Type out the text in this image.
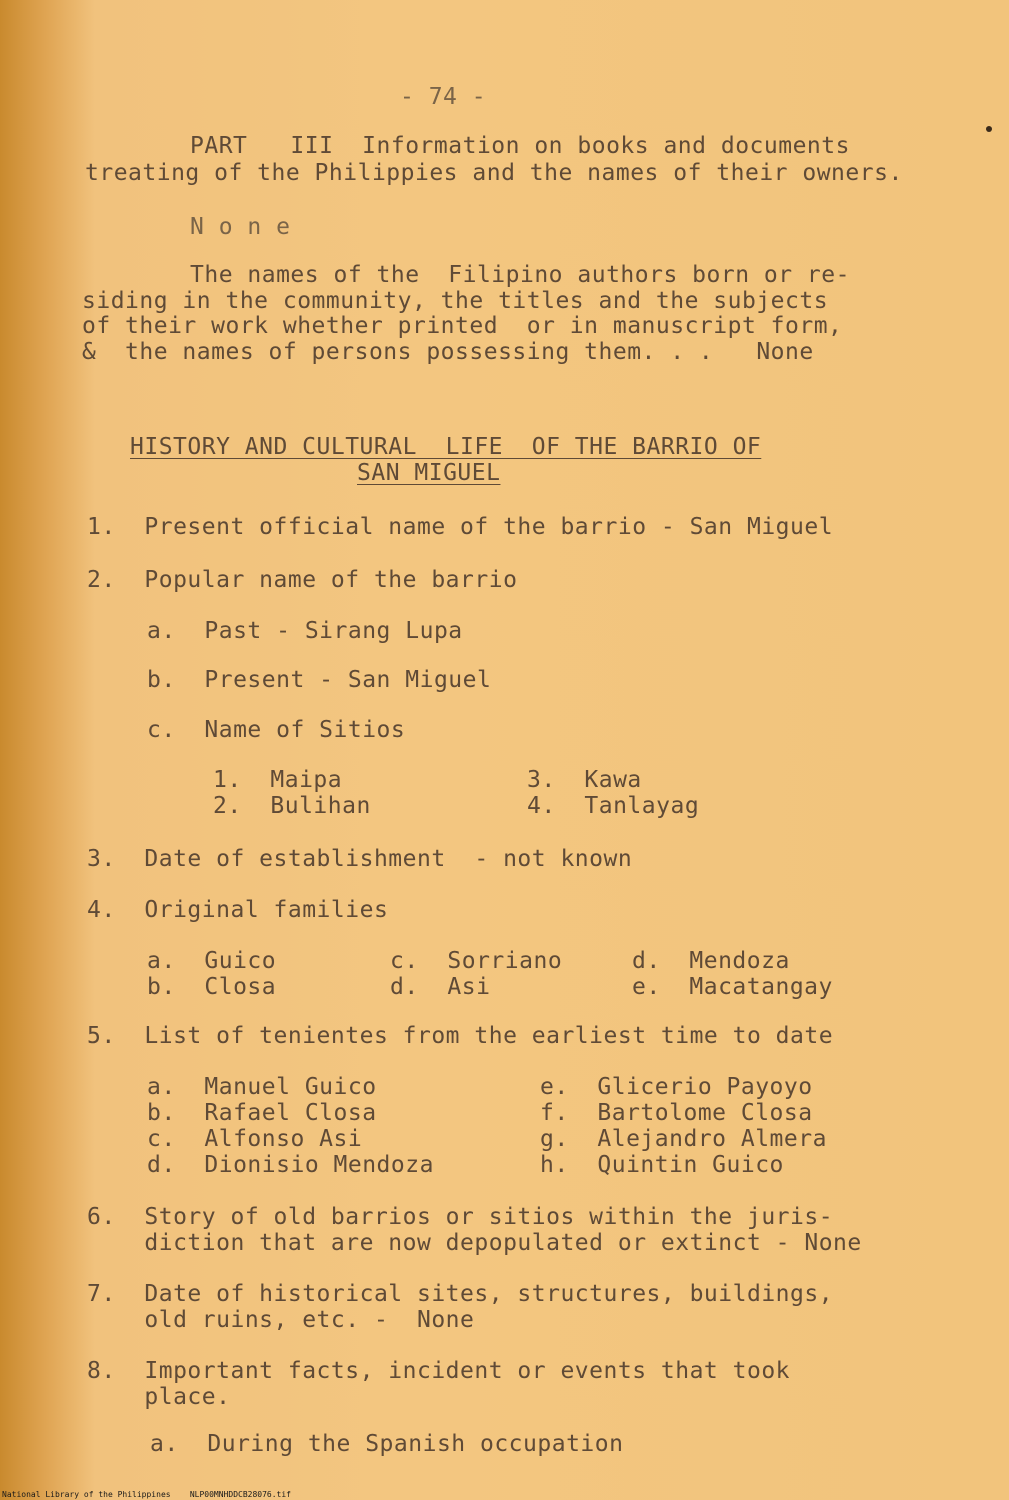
- 74 -
PART   III  Information on books and documents
treating of the Philippies and the names of their owners.
N o n e
The names of the  Filipino authors born or re-
siding in the community, the titles and the subjects
of their work whether printed  or in manuscript form,
&  the names of persons possessing them. . .   None
HISTORY AND CULTURAL  LIFE  OF THE BARRIO OF
SAN MIGUEL
1.  Present official name of the barrio - San Miguel
2.  Popular name of the barrio
a.  Past - Sirang Lupa
b.  Present - San Miguel
c.  Name of Sitios
1.  Maipa
2.  Bulihan
3.  Kawa
4.  Tanlayag
3.  Date of establishment  - not known
4.  Original families
a.  Guico
b.  Closa
c.  Sorriano
d.  Asi
d.  Mendoza
e.  Macatangay
5.  List of tenientes from the earliest time to date
a.  Manuel Guico
b.  Rafael Closa
c.  Alfonso Asi
d.  Dionisio Mendoza
e.  Glicerio Payoyo
f.  Bartolome Closa
g.  Alejandro Almera
h.  Quintin Guico
6.  Story of old barrios or sitios within the juris-
diction that are now depopulated or extinct - None
7.  Date of historical sites, structures, buildings,
old ruins, etc. -  None
8.  Important facts, incident or events that took
place.
a.  During the Spanish occupation
National Library of the Philippines    NLP00MNHDDCB28076.tif
